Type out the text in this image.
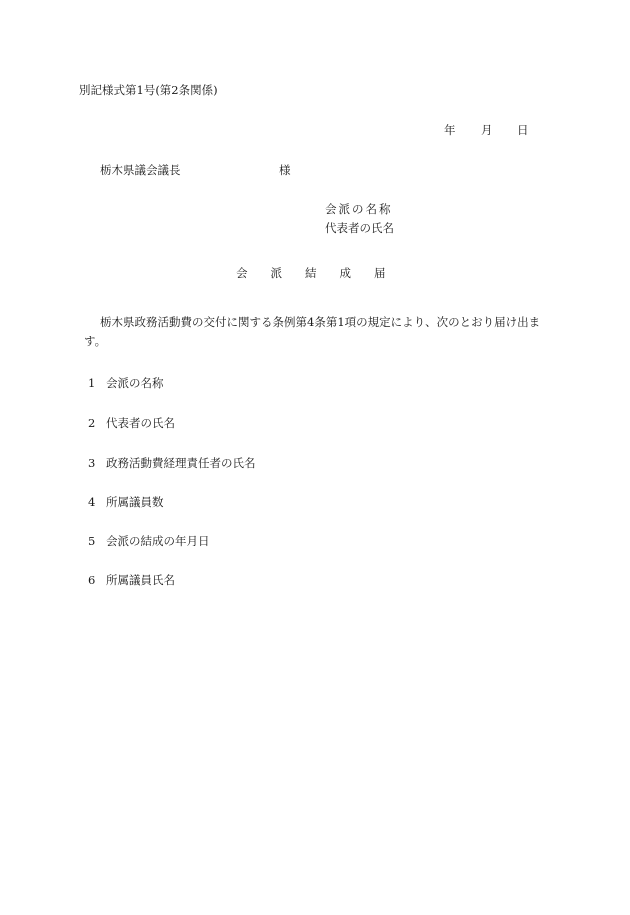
別記様式第1号(第2条関係)
年 月 日
栃木県議会議長	様
会派の名称
代表者の氏名
会派結成届
栃木県政務活動費の交付に関する条例第4条第1項の規定により、次のとおり届け出ます。
1 会派の名称
2 代表者の氏名
3 政務活動費経理責任者の氏名
4 所属議員数
5 会派の結成の年月日
6 所属議員氏名
